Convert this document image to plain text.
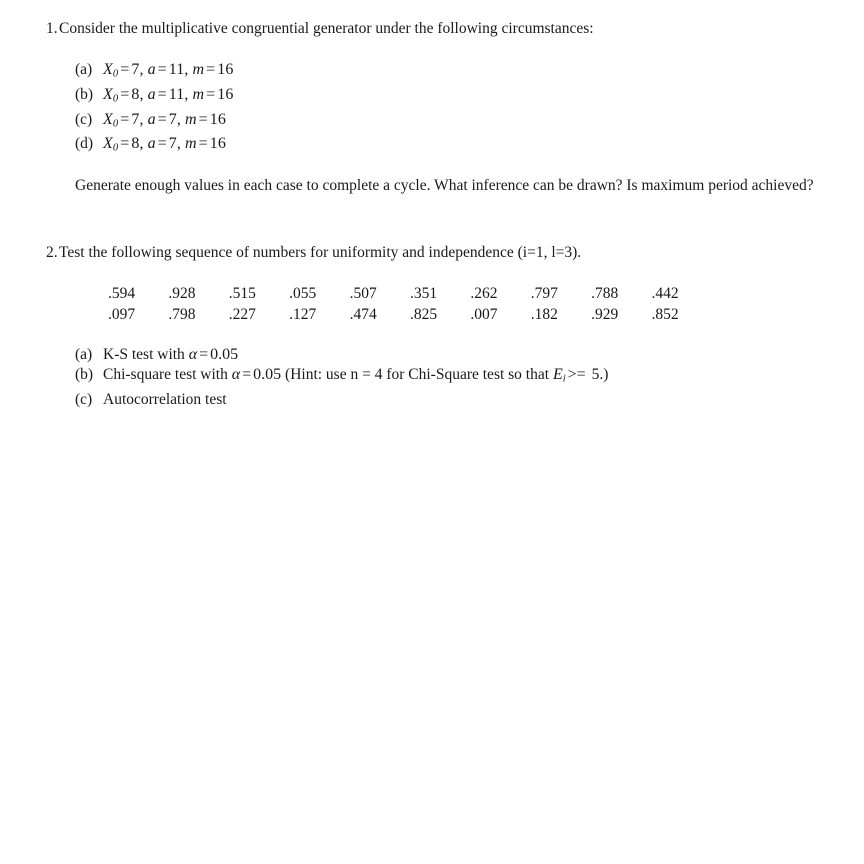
1. Consider the multiplicative congruential generator under the following circumstances:
(a) $X_0 = 7$, a = 11, m = 16
(b) $X_0 = 8$, a = 11, m = 16
(c) $X_0 = 7$, a = 7, m = 16
(d) $X_0 = 8$, a = 7, m = 16
Generate enough values in each case to complete a cycle. What inference can be drawn? Is maximum period achieved?
2. Test the following sequence of numbers for uniformity and independence (i=1, l=3).
.594	.928	.515	.055	.507	.351	.262	.797	.788	.442
.097	.798	.227	.127	.474	.825	.007	.182	.929	.852
(a) K-S test with α = 0.05
(b) Chi-square test with α = 0.05 (Hint: use n = 4 for Chi-Square test so that $E_i >= 5$.)
(c) Autocorrelation test
